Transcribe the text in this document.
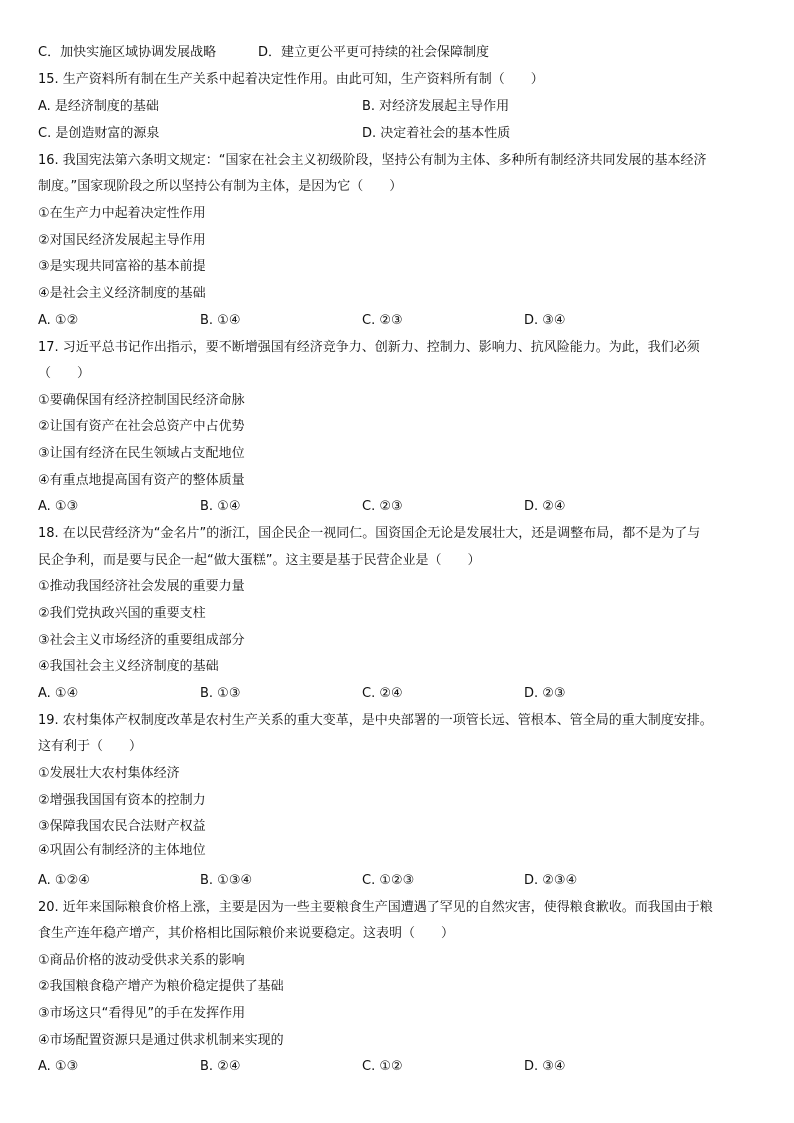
C．加快实施区域协调发展战略	D．建立更公平更可持续的社会保障制度
15. 生产资料所有制在生产关系中起着决定性作用。由此可知，生产资料所有制（　　）
A. 是经济制度的基础	B. 对经济发展起主导作用
C. 是创造财富的源泉	D. 决定着社会的基本性质
16. 我国宪法第六条明文规定：“国家在社会主义初级阶段，坚持公有制为主体、多种所有制经济共同发展的基本经济
制度。”国家现阶段之所以坚持公有制为主体，是因为它（　　）
①在生产力中起着决定性作用
②对国民经济发展起主导作用
③是实现共同富裕的基本前提
④是社会主义经济制度的基础
A. ①②	B. ①④	C. ②③	D. ③④
17. 习近平总书记作出指示，要不断增强国有经济竞争力、创新力、控制力、影响力、抗风险能力。为此，我们必须
（　　）
①要确保国有经济控制国民经济命脉
②让国有资产在社会总资产中占优势
③让国有经济在民生领域占支配地位
④有重点地提高国有资产的整体质量
A. ①③	B. ①④	C. ②③	D. ②④
18. 在以民营经济为“金名片”的浙江，国企民企一视同仁。国资国企无论是发展壮大，还是调整布局，都不是为了与
民企争利，而是要与民企一起“做大蛋糕”。这主要是基于民营企业是（　　）
①推动我国经济社会发展的重要力量
②我们党执政兴国的重要支柱
③社会主义市场经济的重要组成部分
④我国社会主义经济制度的基础
A. ①④	B. ①③	C. ②④	D. ②③
19. 农村集体产权制度改革是农村生产关系的重大变革，是中央部署的一项管长远、管根本、管全局的重大制度安排。
这有利于（　　）
①发展壮大农村集体经济
②增强我国国有资本的控制力
③保障我国农民合法财产权益
④巩固公有制经济的主体地位
A. ①②④	B. ①③④	C. ①②③	D. ②③④
20. 近年来国际粮食价格上涨，主要是因为一些主要粮食生产国遭遇了罕见的自然灾害，使得粮食歉收。而我国由于粮
食生产连年稳产增产，其价格相比国际粮价来说要稳定。这表明（　　）
①商品价格的波动受供求关系的影响
②我国粮食稳产增产为粮价稳定提供了基础
③市场这只“看得见”的手在发挥作用
④市场配置资源只是通过供求机制来实现的
A. ①③	B. ②④	C. ①②	D. ③④
